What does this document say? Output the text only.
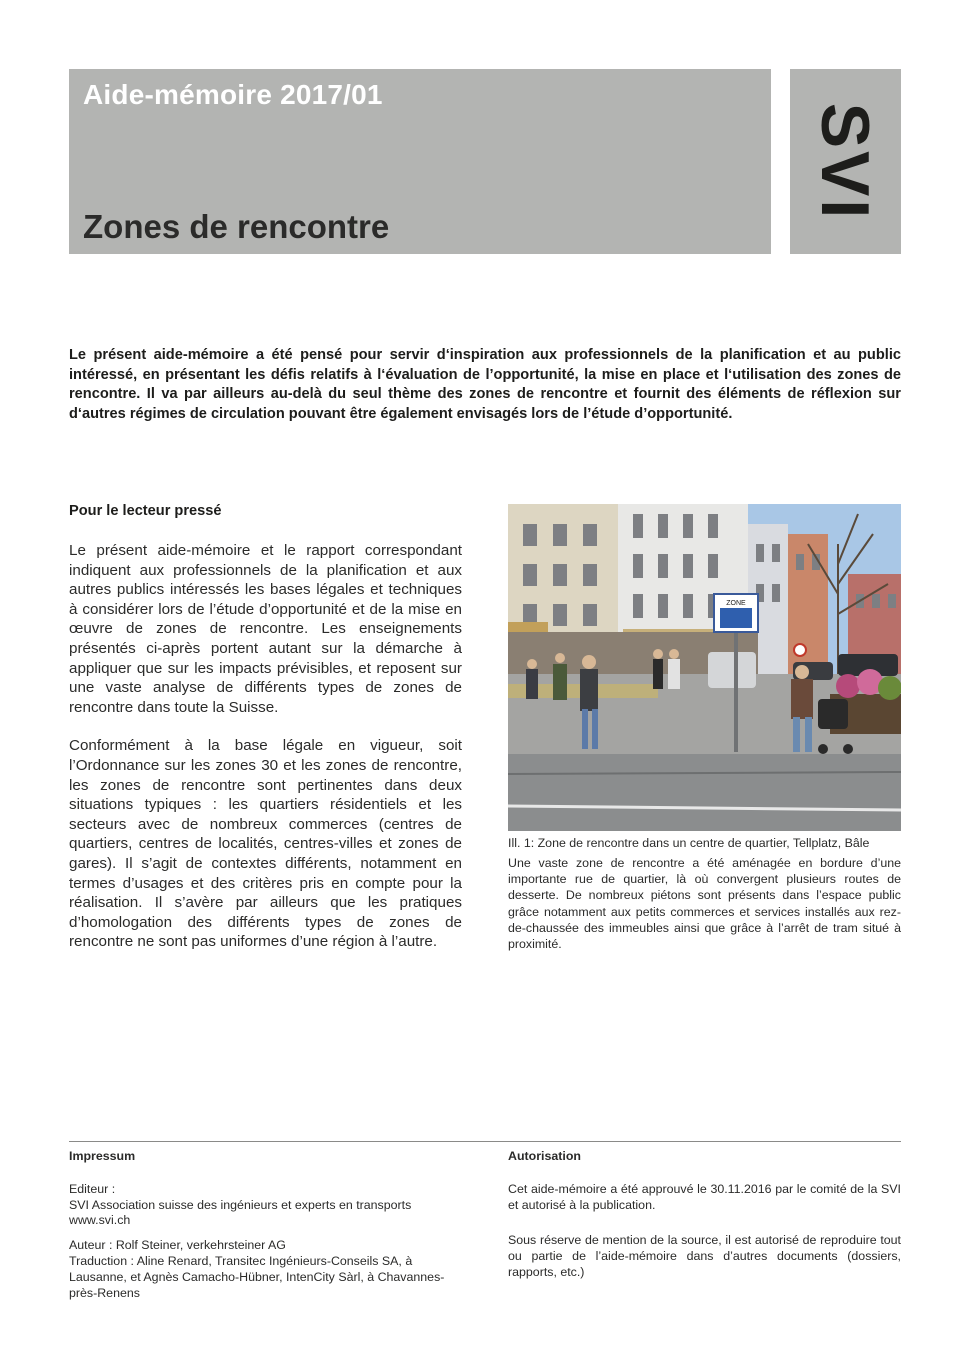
Aide-mémoire 2017/01
Zones de rencontre
SVI

Le présent aide-mémoire a été pensé pour servir d‘inspiration aux professionnels de la planification et au public intéressé, en présentant les défis relatifs à l‘évaluation de l’opportunité, la mise en place et l‘utilisation des zones de rencontre. Il va par ailleurs au-delà du seul thème des zones de rencontre et fournit des éléments de réflexion sur d‘autres régimes de circulation pouvant être également envisagés lors de l’étude d’opportunité.

Pour le lecteur pressé

Le présent aide-mémoire et le rapport correspondant indiquent aux professionnels de la planification et aux autres publics intéressés les bases légales et techniques à considérer lors de l’étude d’opportunité et de la mise en œuvre de zones de rencontre. Les enseignements présentés ci-après portent autant sur la démarche à appliquer que sur les impacts prévisibles, et reposent sur une vaste analyse de différents types de zones de rencontre dans toute la Suisse.

Conformément à la base légale en vigueur, soit l’Ordonnance sur les zones 30 et les zones de rencontre, les zones de rencontre sont pertinentes dans deux situations typiques : les quartiers résidentiels et les secteurs avec de nombreux commerces (centres de quartiers, centres de localités, centres-villes et zones de gares). Il s’agit de contextes différents, notamment en termes d’usages et des critères pris en compte pour la réalisation. Il s’avère par ailleurs que les pratiques d’homologation des différents types de zones de rencontre ne sont pas uniformes d’une région à l’autre.

ZONE

Ill. 1: Zone de rencontre dans un centre de quartier, Tellplatz, Bâle

Une vaste zone de rencontre a été aménagée en bordure d’une importante rue de quartier, là où convergent plusieurs routes de desserte. De nombreux piétons sont présents dans l’espace public grâce notamment aux petits commerces et services installés aux rez-de-chaussée des immeubles ainsi que grâce à l’arrêt de tram situé à proximité.

Impressum
Editeur :
SVI Association suisse des ingénieurs et experts en transports
www.svi.ch
Auteur : Rolf Steiner, verkehrsteiner AG
Traduction : Aline Renard, Transitec Ingénieurs-Conseils SA, à Lausanne, et Agnès Camacho-Hübner, IntenCity Sàrl, à Chavannes-près-Renens
Autorisation
Cet aide-mémoire a été approuvé le 30.11.2016 par le comité de la SVI et autorisé à la publication.
Sous réserve de mention de la source, il est autorisé de reproduire tout ou partie de l’aide-mémoire dans d’autres documents (dossiers, rapports, etc.)
